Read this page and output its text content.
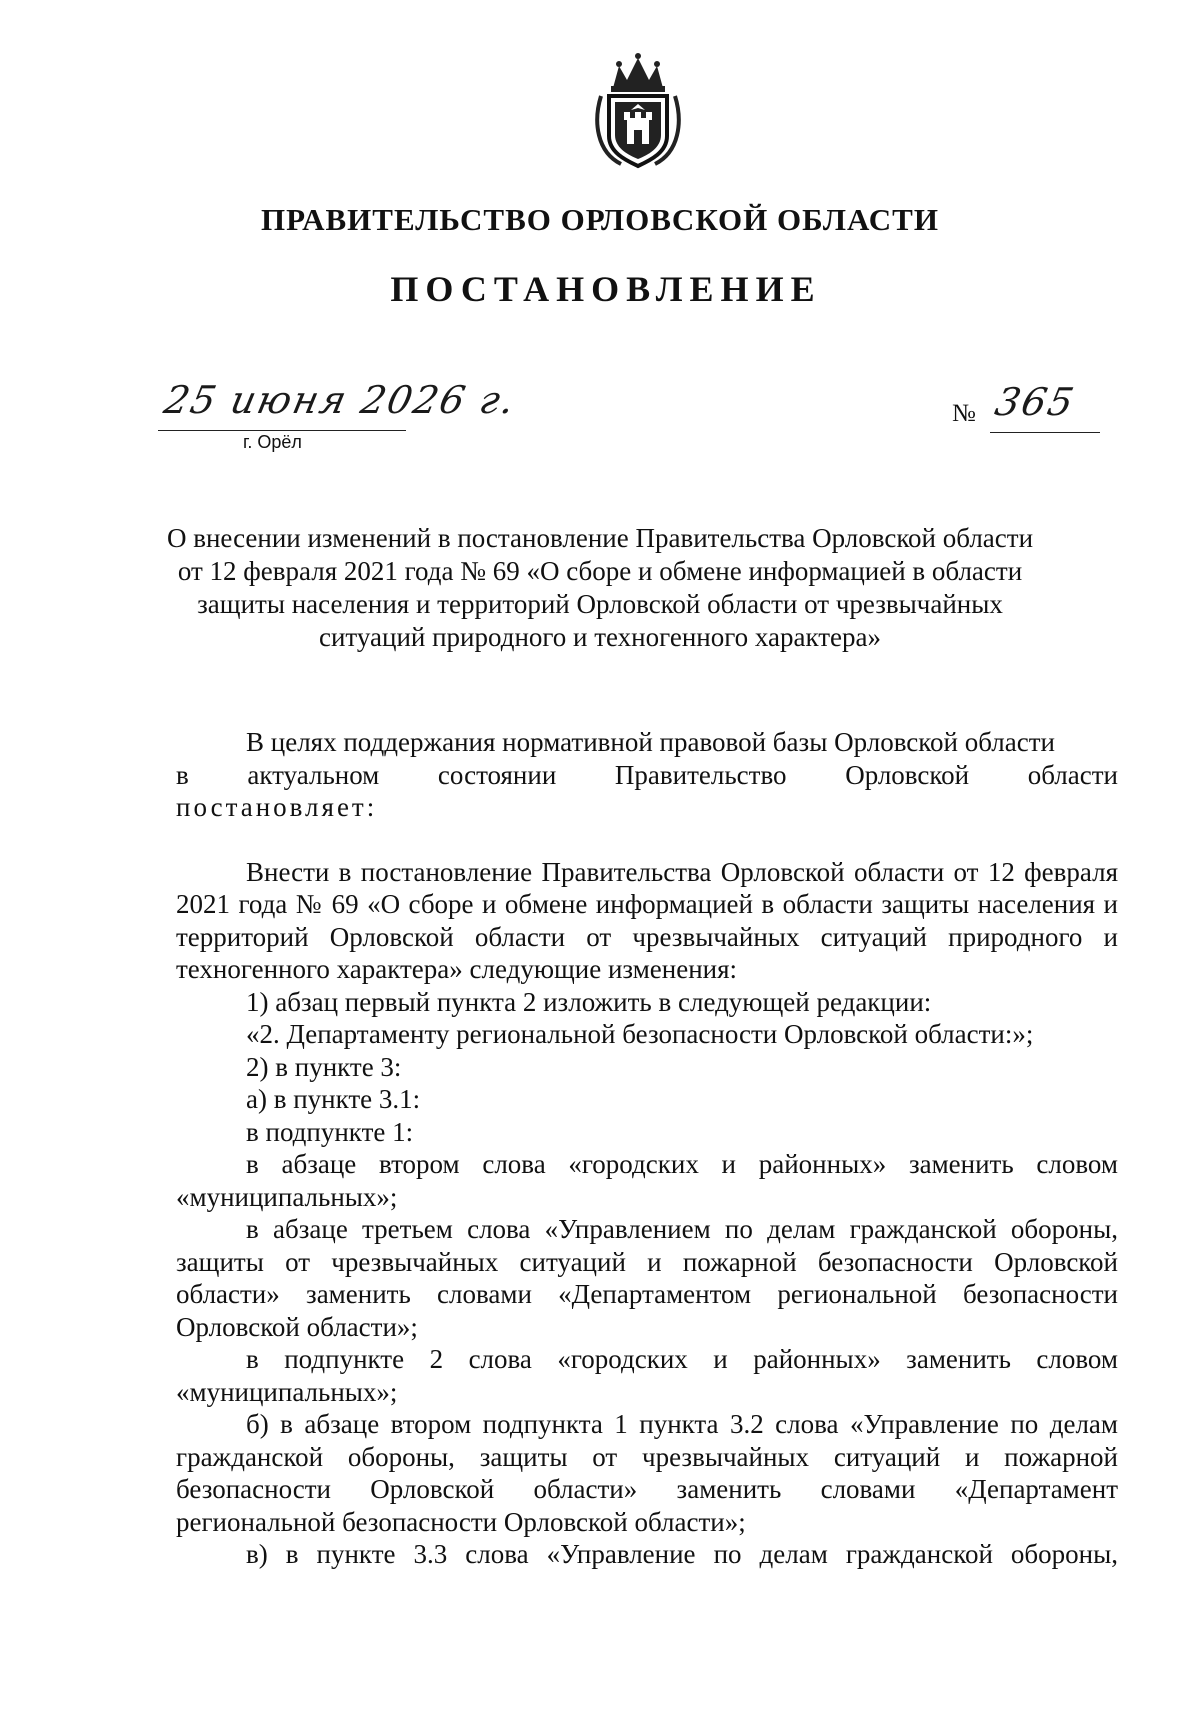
ПРАВИТЕЛЬСТВО ОРЛОВСКОЙ ОБЛАСТИ
ПОСТАНОВЛЕНИЕ
25 июня 2026 г.
г. Орёл
№ 365
О внесении изменений в постановление Правительства Орловской области
от 12 февраля 2021 года № 69 «О сборе и обмене информацией в области
защиты населения и территорий Орловской области от чрезвычайных
ситуаций природного и техногенного характера»

В целях поддержания нормативной правовой базы Орловской области

в актуальном состоянии Правительство Орловской области

постановляет:

Внести в постановление Правительства Орловской области от 12 февраля 2021 года № 69 «О сборе и обмене информацией в области защиты населения и территорий Орловской области от чрезвычайных ситуаций природного и техногенного характера» следующие изменения:

1) абзац первый пункта 2 изложить в следующей редакции:

«2. Департаменту региональной безопасности Орловской области:»;

2) в пункте 3:

а) в пункте 3.1:

в подпункте 1:

в абзаце втором слова «городских и районных» заменить словом «муниципальных»;

в абзаце третьем слова «Управлением по делам гражданской обороны, защиты от чрезвычайных ситуаций и пожарной безопасности Орловской области» заменить словами «Департаментом региональной безопасности Орловской области»;

в подпункте 2 слова «городских и районных» заменить словом «муниципальных»;

б) в абзаце втором подпункта 1 пункта 3.2 слова «Управление по делам гражданской обороны, защиты от чрезвычайных ситуаций и пожарной безопасности Орловской области» заменить словами «Департамент региональной безопасности Орловской области»;

в) в пункте 3.3 слова «Управление по делам гражданской обороны,
